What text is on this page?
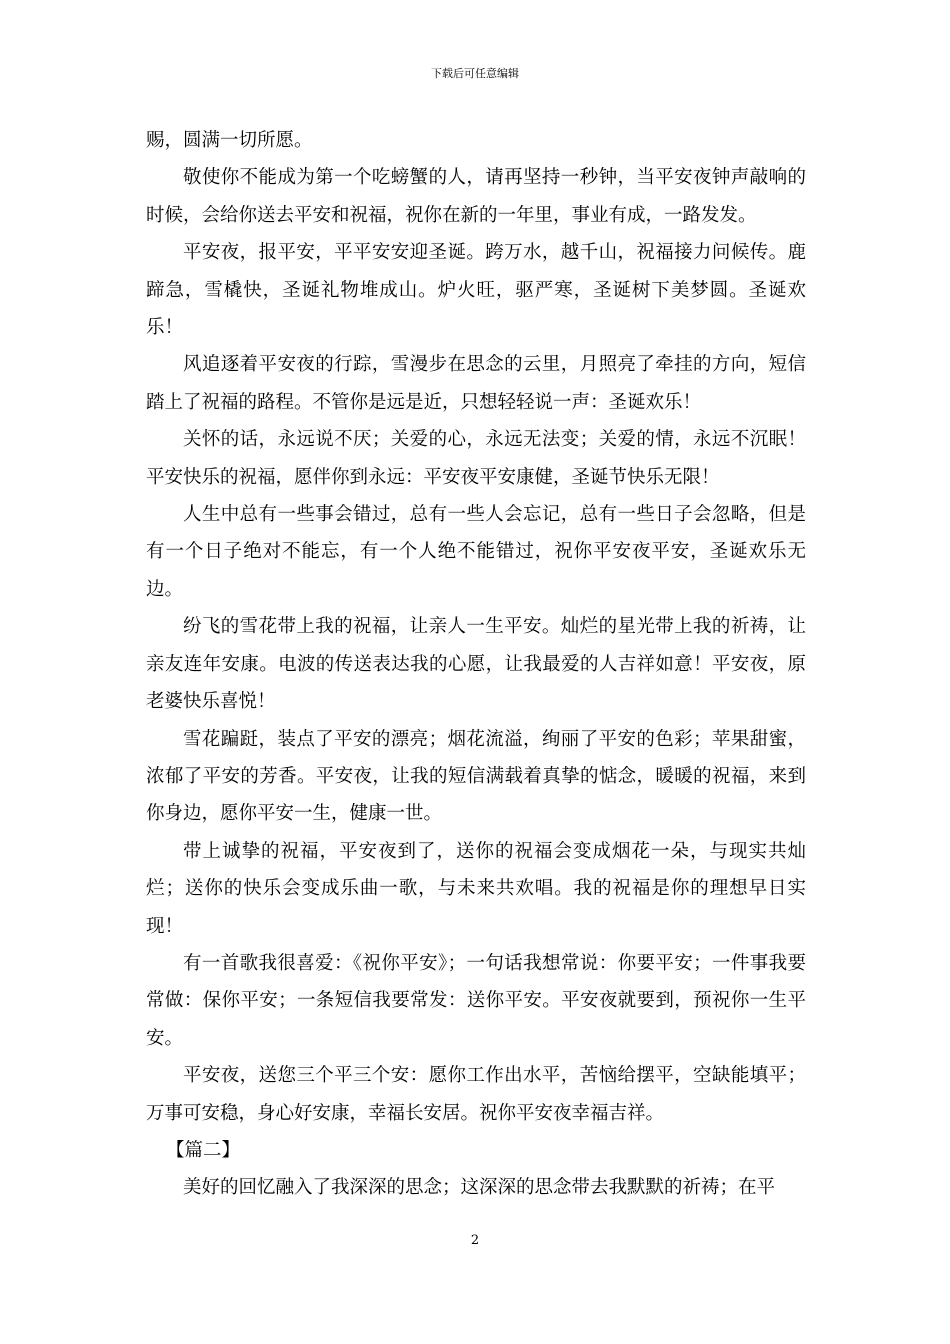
下载后可任意编辑

赐，圆满一切所愿。

敬使你不能成为第一个吃螃蟹的人，请再坚持一秒钟，当平安夜钟声敲响的时候，会给你送去平安和祝福，祝你在新的一年里，事业有成，一路发发。

平安夜，报平安，平平安安迎圣诞。跨万水，越千山，祝福接力问候传。鹿蹄急，雪橇快，圣诞礼物堆成山。炉火旺，驱严寒，圣诞树下美梦圆。圣诞欢乐！

风追逐着平安夜的行踪，雪漫步在思念的云里，月照亮了牵挂的方向，短信踏上了祝福的路程。不管你是远是近，只想轻轻说一声：圣诞欢乐！

关怀的话，永远说不厌；关爱的心，永远无法变；关爱的情，永远不沉眠！平安快乐的祝福，愿伴你到永远：平安夜平安康健，圣诞节快乐无限！

人生中总有一些事会错过，总有一些人会忘记，总有一些日子会忽略，但是有一个日子绝对不能忘，有一个人绝不能错过，祝你平安夜平安，圣诞欢乐无边。

纷飞的雪花带上我的祝福，让亲人一生平安。灿烂的星光带上我的祈祷，让亲友连年安康。电波的传送表达我的心愿，让我最爱的人吉祥如意！平安夜，原老婆快乐喜悦！

雪花蹁跹，装点了平安的漂亮；烟花流溢，绚丽了平安的色彩；苹果甜蜜，浓郁了平安的芳香。平安夜，让我的短信满载着真挚的惦念，暖暖的祝福，来到你身边，愿你平安一生，健康一世。

带上诚挚的祝福，平安夜到了，送你的祝福会变成烟花一朵，与现实共灿烂；送你的快乐会变成乐曲一歌，与未来共欢唱。我的祝福是你的理想早日实现！

有一首歌我很喜爱：《祝你平安》；一句话我想常说：你要平安；一件事我要常做：保你平安；一条短信我要常发：送你平安。平安夜就要到，预祝你一生平安。

平安夜，送您三个平三个安：愿你工作出水平，苦恼给摆平，空缺能填平；万事可安稳，身心好安康，幸福长安居。祝你平安夜幸福吉祥。

【篇二】

美好的回忆融入了我深深的思念；这深深的思念带去我默默的祈祷；在平

2
